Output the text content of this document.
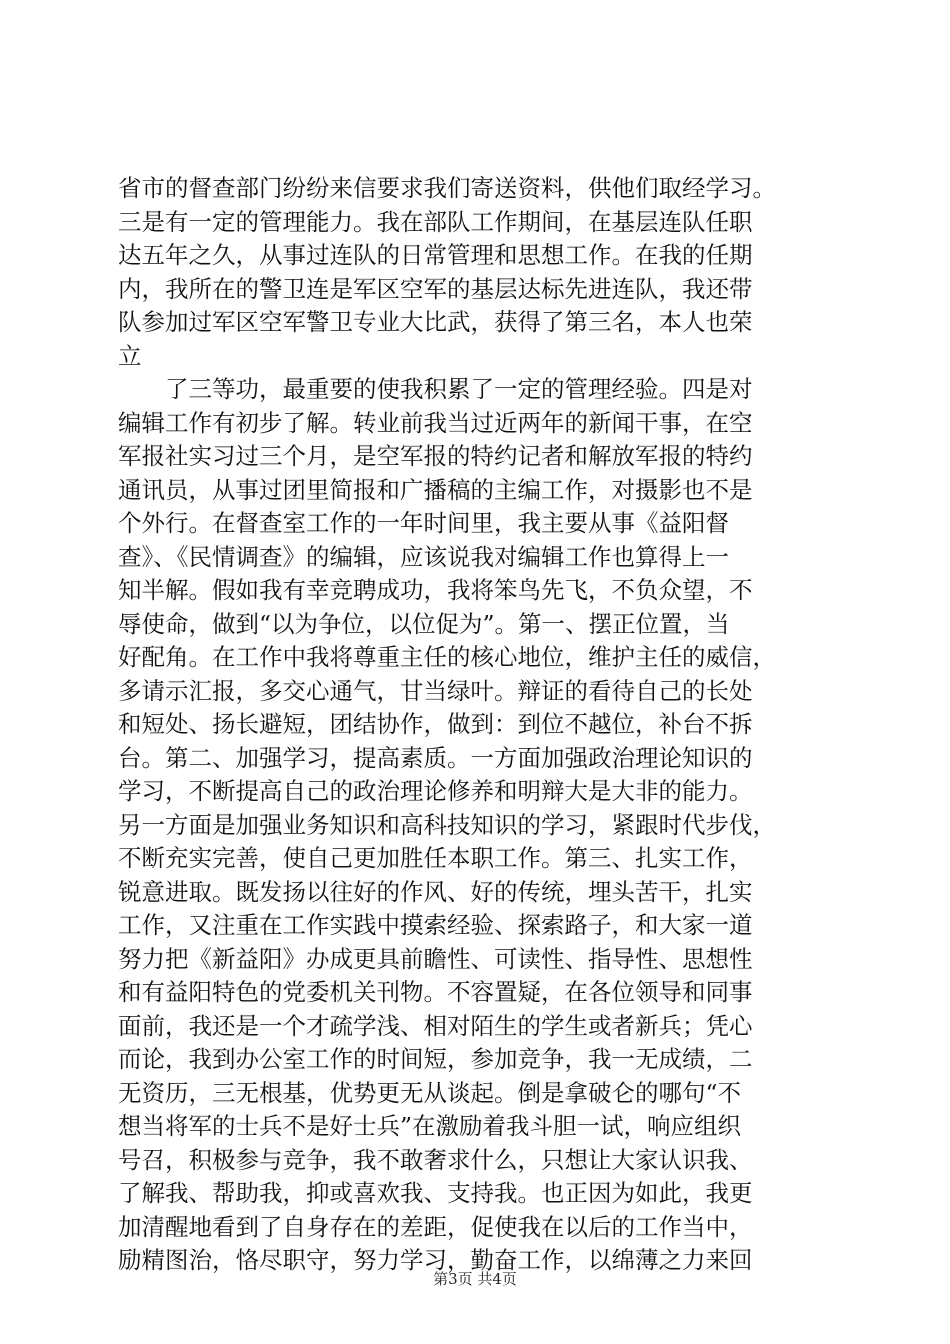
省市的督查部门纷纷来信要求我们寄送资料，供他们取经学习。
三是有一定的管理能力。我在部队工作期间，在基层连队任职
达五年之久，从事过连队的日常管理和思想工作。在我的任期
内，我所在的警卫连是军区空军的基层达标先进连队，我还带
队参加过军区空军警卫专业大比武，获得了第三名，本人也荣
立
了三等功，最重要的使我积累了一定的管理经验。四是对
编辑工作有初步了解。转业前我当过近两年的新闻干事，在空
军报社实习过三个月，是空军报的特约记者和解放军报的特约
通讯员，从事过团里简报和广播稿的主编工作，对摄影也不是
个外行。在督查室工作的一年时间里，我主要从事《益阳督
查》、《民情调查》的编辑，应该说我对编辑工作也算得上一
知半解。假如我有幸竞聘成功，我将笨鸟先飞，不负众望，不
辱使命，做到“以为争位，以位促为”。第一、摆正位置，当
好配角。在工作中我将尊重主任的核心地位，维护主任的威信，
多请示汇报，多交心通气，甘当绿叶。辩证的看待自己的长处
和短处、扬长避短，团结协作，做到：到位不越位，补台不拆
台。第二、加强学习，提高素质。一方面加强政治理论知识的
学习，不断提高自己的政治理论修养和明辩大是大非的能力。
另一方面是加强业务知识和高科技知识的学习，紧跟时代步伐，
不断充实完善，使自己更加胜任本职工作。第三、扎实工作，
锐意进取。既发扬以往好的作风、好的传统，埋头苦干，扎实
工作，又注重在工作实践中摸索经验、探索路子，和大家一道
努力把《新益阳》办成更具前瞻性、可读性、指导性、思想性
和有益阳特色的党委机关刊物。不容置疑，在各位领导和同事
面前，我还是一个才疏学浅、相对陌生的学生或者新兵；凭心
而论，我到办公室工作的时间短，参加竞争，我一无成绩，二
无资历，三无根基，优势更无从谈起。倒是拿破仑的哪句“不
想当将军的士兵不是好士兵”在激励着我斗胆一试，响应组织
号召，积极参与竞争，我不敢奢求什么，只想让大家认识我、
了解我、帮助我，抑或喜欢我、支持我。也正因为如此，我更
加清醒地看到了自身存在的差距，促使我在以后的工作当中，
励精图治，恪尽职守，努力学习，勤奋工作，以绵薄之力来回
第3页 共4页
